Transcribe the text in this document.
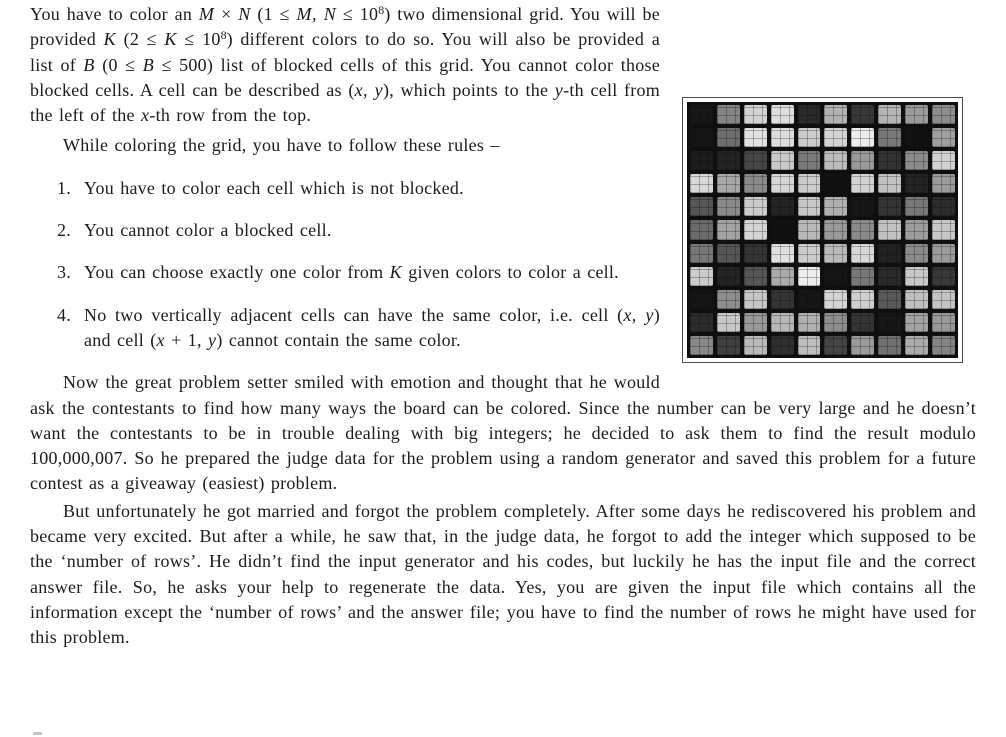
You have to color an M × N (1 ≤ M, $N \le 10^8$) two dimensional grid. You will be provided K $(2 \le K \le 10^8)$ different colors to do so. You will also be provided a list of B (0 ≤ B ≤ 500) list of blocked cells of this grid. You cannot color those blocked cells. A cell can be described as (x, y), which points to the y-th cell from the left of the x-th row from the top.

While coloring the grid, you have to follow these rules –

1. You have to color each cell which is not blocked.
2. You cannot color a blocked cell.
3. You can choose exactly one color from K given colors to color a cell.
4. No two vertically adjacent cells can have the same color, i.e. cell (x, y) and cell (x + 1, y) cannot contain the same color.

Now the great problem setter smiled with emotion and thought that he would ask the contestants to find how many ways the board can be colored. Since the number can be very large and he doesn’t want the contestants to be in trouble dealing with big integers; he decided to ask them to find the result modulo 100,000,007. So he prepared the judge data for the problem using a random generator and saved this problem for a future contest as a giveaway (easiest) problem.

But unfortunately he got married and forgot the problem completely. After some days he rediscovered his problem and became very excited. But after a while, he saw that, in the judge data, he forgot to add the integer which supposed to be the ‘number of rows’. He didn’t find the input generator and his codes, but luckily he has the input file and the correct answer file. So, he asks your help to regenerate the data. Yes, you are given the input file which contains all the information except the ‘number of rows’ and the answer file; you have to find the number of rows he might have used for this problem.
